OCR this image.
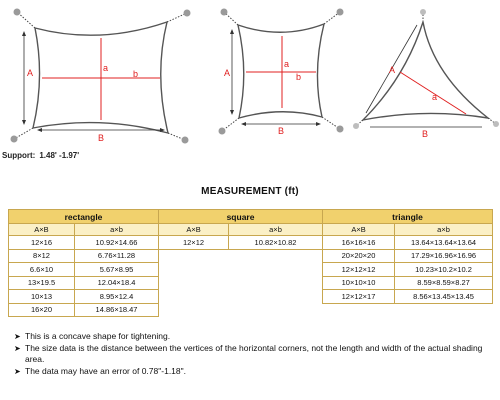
A	a
b
B
A
a
b
B
A
a
B
Support: 1.48' -1.97'
MEASUREMENT (ft)
rectangle		square		triangle	
A×B	a×b	A×B	a×b	A×B	a×b
12×16	10.92×14.66	12×12	10.82×10.82	16×16×16	13.64×13.64×13.64
8×12	6.76×11.28			20×20×20	17.29×16.96×16.96
6.6×10	5.67×8.95			12×12×12	10.23×10.2×10.2
13×19.5	12.04×18.4			10×10×10	8.59×8.59×8.27
10×13	8.95×12.4			12×12×17	8.56×13.45×13.45
16×20	14.86×18.47				
➤ This is a concave shape for tightening.
➤ The size data is the distance between the vertices of the horizontal corners, not the length and width of the actual shading area.
➤ The data may have an error of 0.78"-1.18".
